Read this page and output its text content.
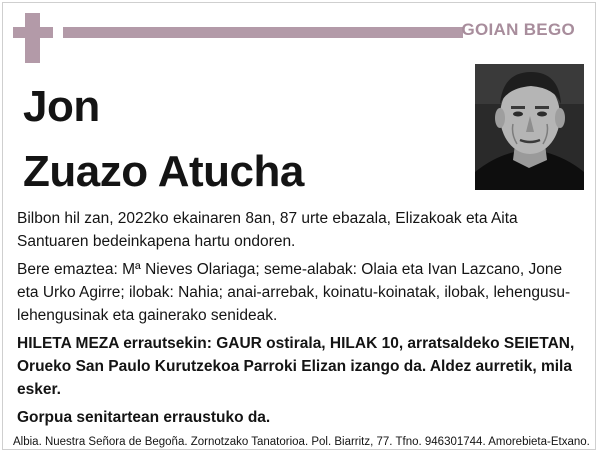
GOIAN BEGO
Jon
Zuazo Atucha

Bilbon hil zan, 2022ko ekainaren 8an, 87 urte ebazala, Elizakoak eta Aita Santuaren bedeinkapena hartu ondoren.

Bere emaztea: Mª Nieves Olariaga; seme-alabak: Olaia eta Ivan Lazcano, Jone eta Urko Agirre; ilobak: Nahia; anai-arrebak, koinatu-koinatak, ilobak, lehengusu-lehengusinak eta gainerako senideak.

HILETA MEZA errautsekin: GAUR ostirala, HILAK 10, arratsaldeko SEIETAN, Orueko San Paulo Kurutzekoa Parroki Elizan izango da. Aldez aurretik, mila esker.

Gorpua senitartean erraustuko da.

Albia. Nuestra Señora de Begoña. Zornotzako Tanatorioa. Pol. Biarritz, 77. Tfno. 946301744. Amorebieta-Etxano.
